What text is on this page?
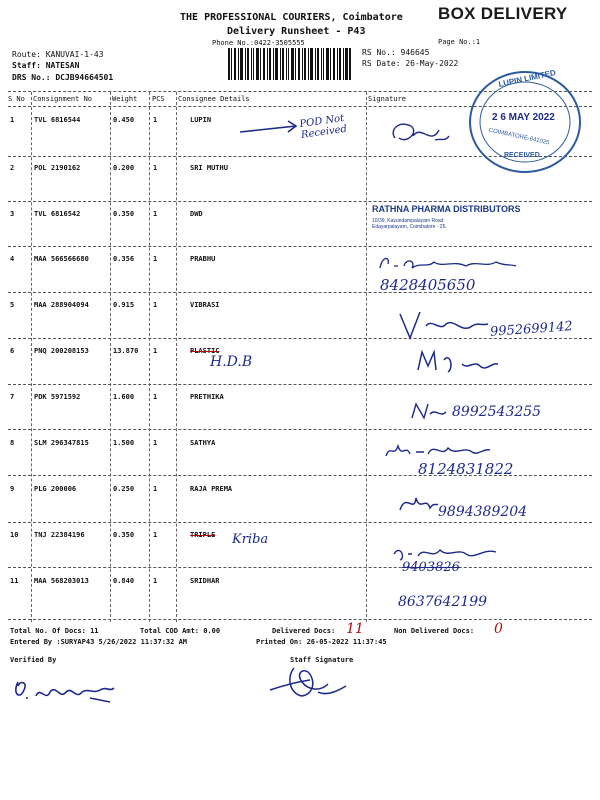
THE PROFESSIONAL COURIERS, Coimbatore
Delivery Runsheet - P43
Phone No.:0422-3505555
BOX DELIVERY
Page No.:1
Route: KANUVAI-1-43
Staff: NATESAN
DRS No.: DCJB94664501
RS No.: 946645
RS Date: 26-May-2022
S No Consignment No	Weight PCS Consignee Details	Signature
1	TVL 6816544	0.450	1	LUPIN
2	POL 2190162	0.200	1	SRI MUTHU
3	TVL 6816542	0.350	1	DWD
4	MAA 566566680	0.356	1	PRABHU
5	MAA 288904094	0.915	1	VIBRASI
6	PNQ 200208153	13.870 1	PLASTIC
7	PDK 5971592	1.600	1	PRETHIKA
8	SLM 296347815	1.500	1	SATHYA
9	PLG 200006	0.250	1	RAJA PREMA
10 TNJ 22384196	0.350	1	TRIPLE
11 MAA 568203013	0.840	1	SRIDHAR
POD Not Received
LUPIN LIMITED
2 6 MAY 2022
COIMBATORE-641025
RECEIVED
RATHNA PHARMA DISTRIBUTORS
10/39, Kavundampalayam Road
Edayarpalayam, Coimbatore - 25.
8428405650
9952699142
H.D.B
8992543255
8124831822
9894389204
Kriba
9403826
8637642199
Total No. Of Docs: 11	Total COD Amt: 0.00	Delivered Docs: 11	Non Delivered Docs: 0
Entered By :SURYAP43 5/26/2022 11:37:32 AM	Printed On: 26-05-2022 11:37:45
Verified By	Staff Signature
